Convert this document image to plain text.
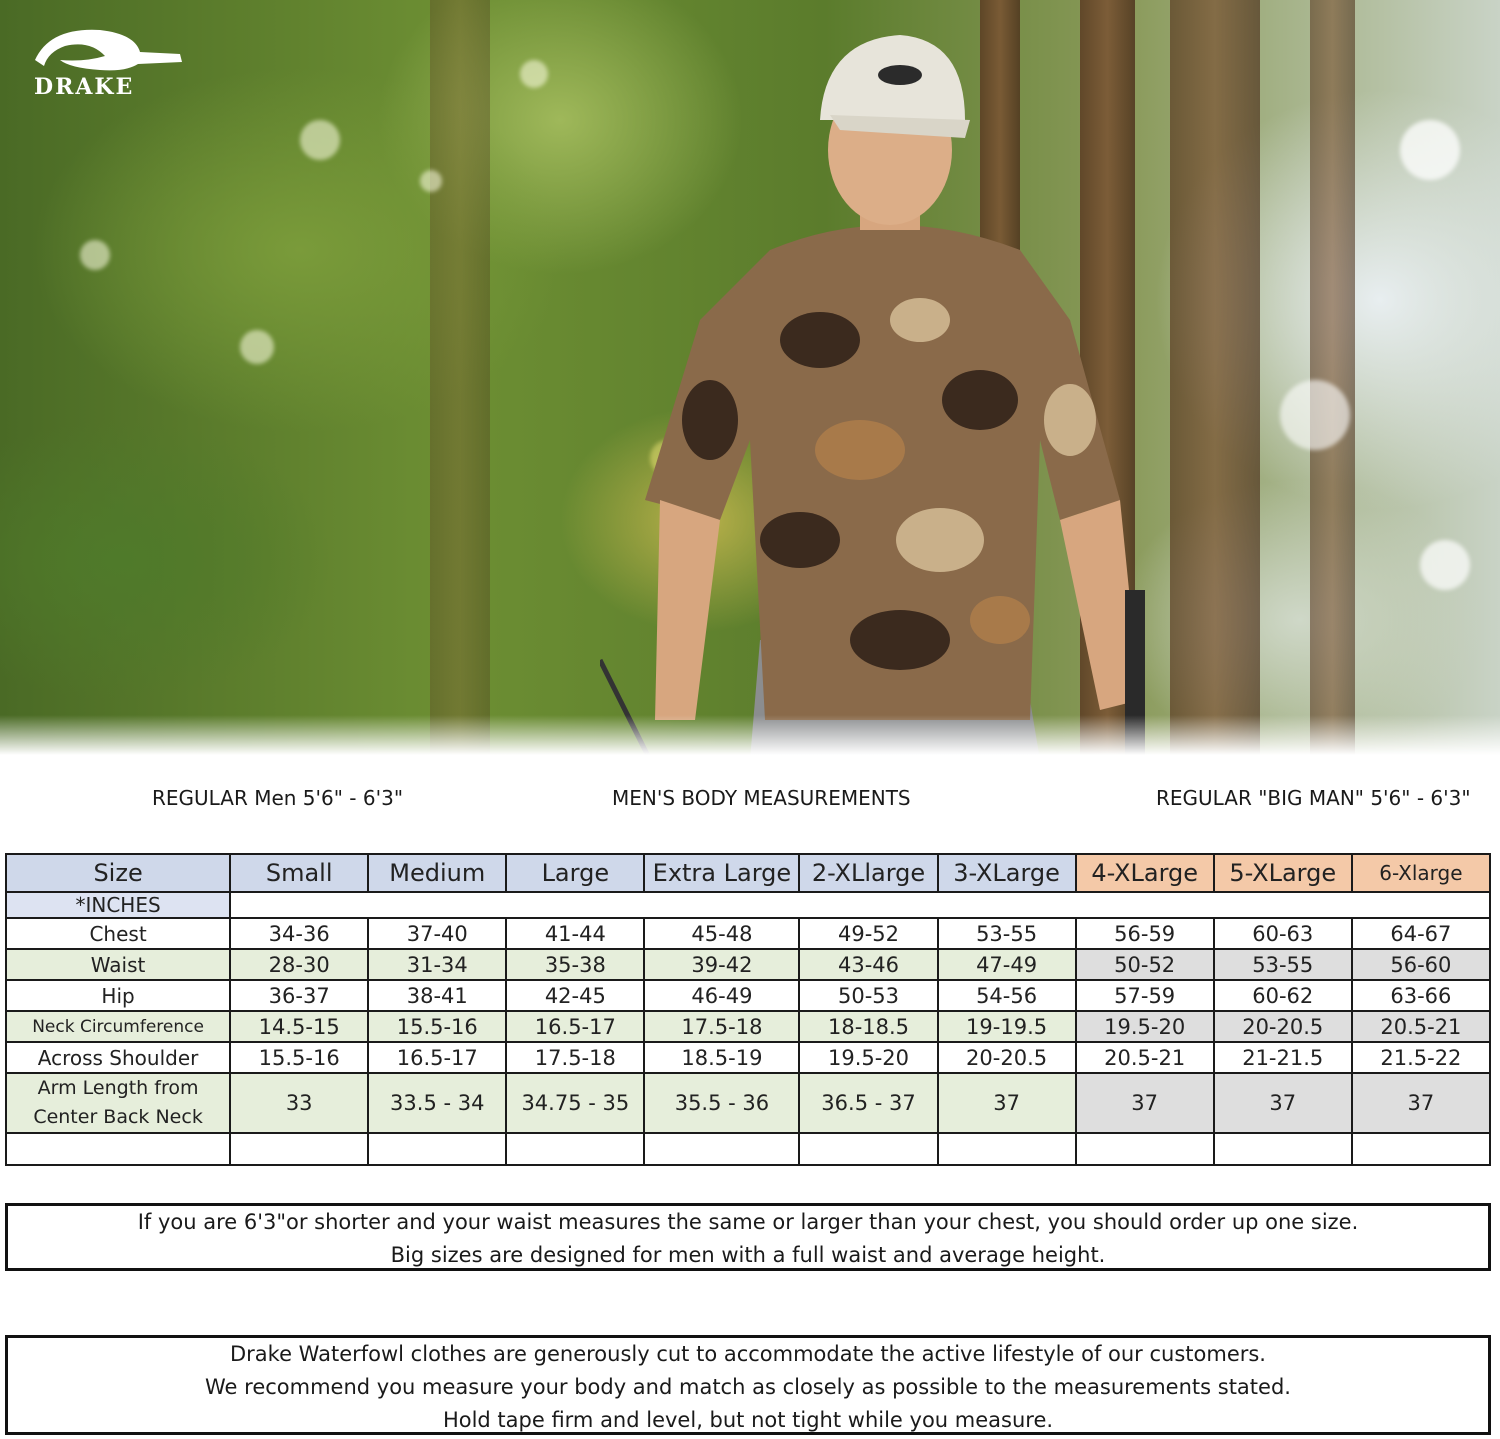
DRAKE
REGULAR Men 5'6" - 6'3"	MEN'S BODY MEASUREMENTS	REGULAR "BIG MAN" 5'6" - 6'3"
Size	Small	Medium	Large	Extra Large	2-XLlarge	3-XLarge	4-XLarge	5-XLarge	6-Xlarge
*INCHES									
Chest	34-36	37-40	41-44	45-48	49-52	53-55	56-59	60-63	64-67
Waist	28-30	31-34	35-38	39-42	43-46	47-49	50-52	53-55	56-60
Hip	36-37	38-41	42-45	46-49	50-53	54-56	57-59	60-62	63-66
Neck Circumference	14.5-15	15.5-16	16.5-17	17.5-18	18-18.5	19-19.5	19.5-20	20-20.5	20.5-21
Across Shoulder	15.5-16	16.5-17	17.5-18	18.5-19	19.5-20	20-20.5	20.5-21	21-21.5	21.5-22

Arm Length from
Center Back Neck	33	33.5 - 34	34.75 - 35	35.5 - 36	36.5 - 37	37	37	37	37

If you are 6'3"or shorter and your waist measures the same or larger than your chest, you should order up one size.
Big sizes are designed for men with a full waist and average height.
Drake Waterfowl clothes are generously cut to accommodate the active lifestyle of our customers.
We recommend you measure your body and match as closely as possible to the measurements stated.
Hold tape firm and level, but not tight while you measure.
